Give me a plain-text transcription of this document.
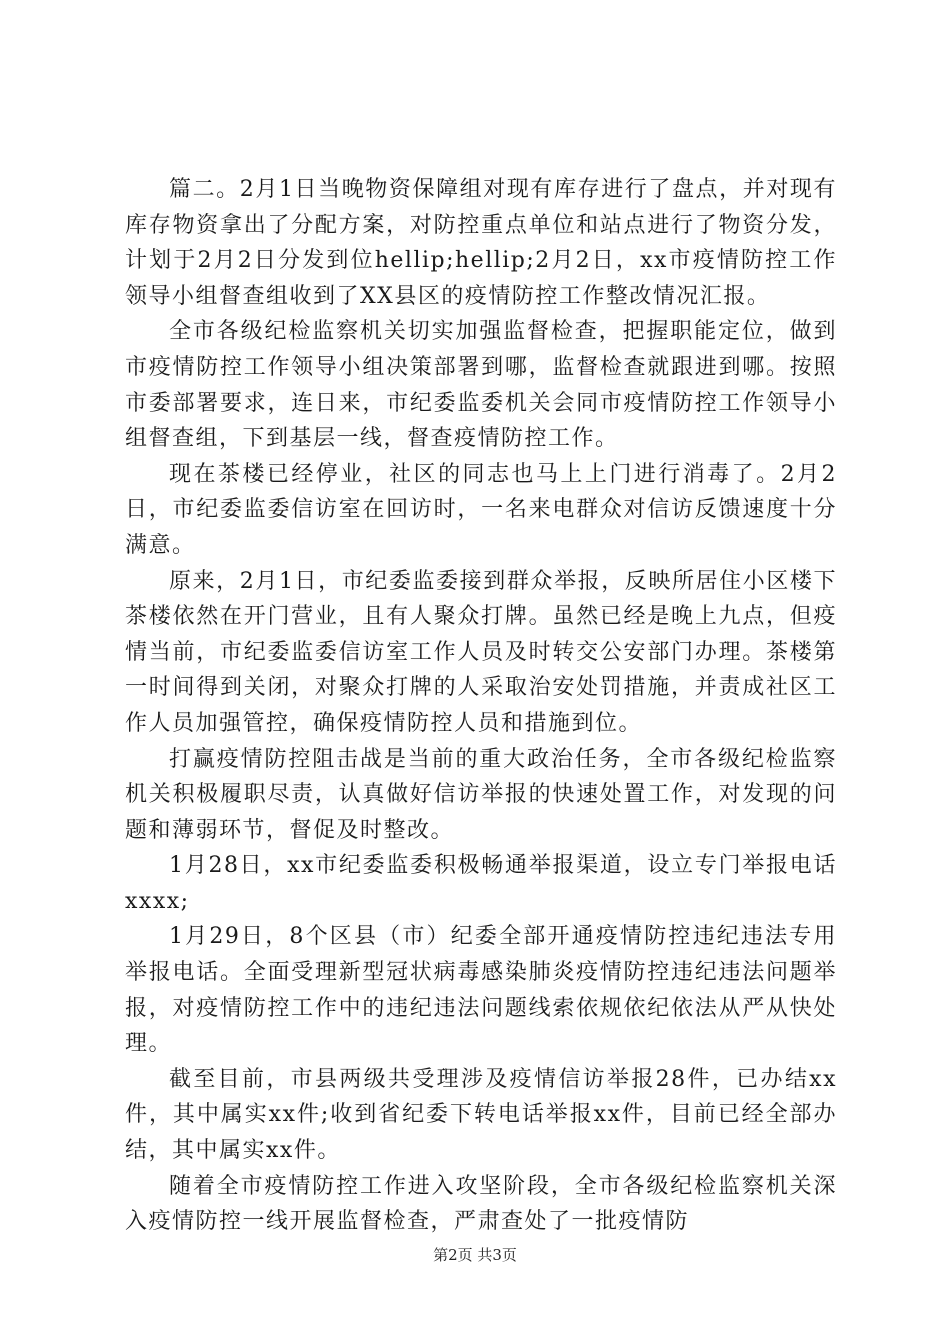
篇二。2月1日当晚物资保障组对现有库存进行了盘点，并对现有库存物资拿出了分配方案，对防控重点单位和站点进行了物资分发，计划于2月2日分发到位hellip;hellip;2月2日，xx市疫情防控工作领导小组督查组收到了XX县区的疫情防控工作整改情况汇报。

全市各级纪检监察机关切实加强监督检查，把握职能定位，做到市疫情防控工作领导小组决策部署到哪，监督检查就跟进到哪。按照市委部署要求，连日来，市纪委监委机关会同市疫情防控工作领导小组督查组，下到基层一线，督查疫情防控工作。

现在茶楼已经停业，社区的同志也马上上门进行消毒了。2月2日，市纪委监委信访室在回访时，一名来电群众对信访反馈速度十分满意。

原来，2月1日，市纪委监委接到群众举报，反映所居住小区楼下茶楼依然在开门营业，且有人聚众打牌。虽然已经是晚上九点，但疫情当前，市纪委监委信访室工作人员及时转交公安部门办理。茶楼第一时间得到关闭，对聚众打牌的人采取治安处罚措施，并责成社区工作人员加强管控，确保疫情防控人员和措施到位。

打赢疫情防控阻击战是当前的重大政治任务，全市各级纪检监察机关积极履职尽责，认真做好信访举报的快速处置工作，对发现的问题和薄弱环节，督促及时整改。

1月28日，xx市纪委监委积极畅通举报渠道，设立专门举报电话xxxx;

1月29日，8个区县（市）纪委全部开通疫情防控违纪违法专用举报电话。全面受理新型冠状病毒感染肺炎疫情防控违纪违法问题举报，对疫情防控工作中的违纪违法问题线索依规依纪依法从严从快处理。

截至目前，市县两级共受理涉及疫情信访举报28件，已办结xx件，其中属实xx件;收到省纪委下转电话举报xx件，目前已经全部办结，其中属实xx件。

随着全市疫情防控工作进入攻坚阶段，全市各级纪检监察机关深入疫情防控一线开展监督检查，严肃查处了一批疫情防

第2页 共3页
